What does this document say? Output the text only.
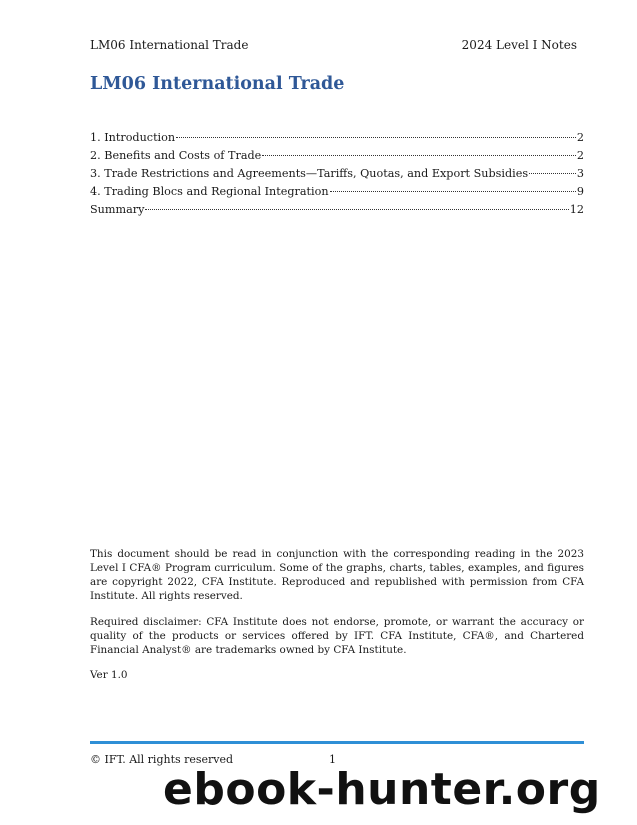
LM06 International Trade	2024 Level I Notes
LM06 International Trade
1. Introduction	2
2. Benefits and Costs of Trade	2
3. Trade Restrictions and Agreements—Tariffs, Quotas, and Export Subsidies	3
4. Trading Blocs and Regional Integration	9
Summary	12

This document should be read in conjunction with the corresponding reading in the 2023 Level I CFA® Program curriculum. Some of the graphs, charts, tables, examples, and figures are copyright 2022, CFA Institute. Reproduced and republished with permission from CFA Institute. All rights reserved.

Required disclaimer: CFA Institute does not endorse, promote, or warrant the accuracy or quality of the products or services offered by IFT. CFA Institute, CFA®, and Chartered Financial Analyst® are trademarks owned by CFA Institute.

Ver 1.0
© IFT. All rights reserved	1
ebook-hunter.org
